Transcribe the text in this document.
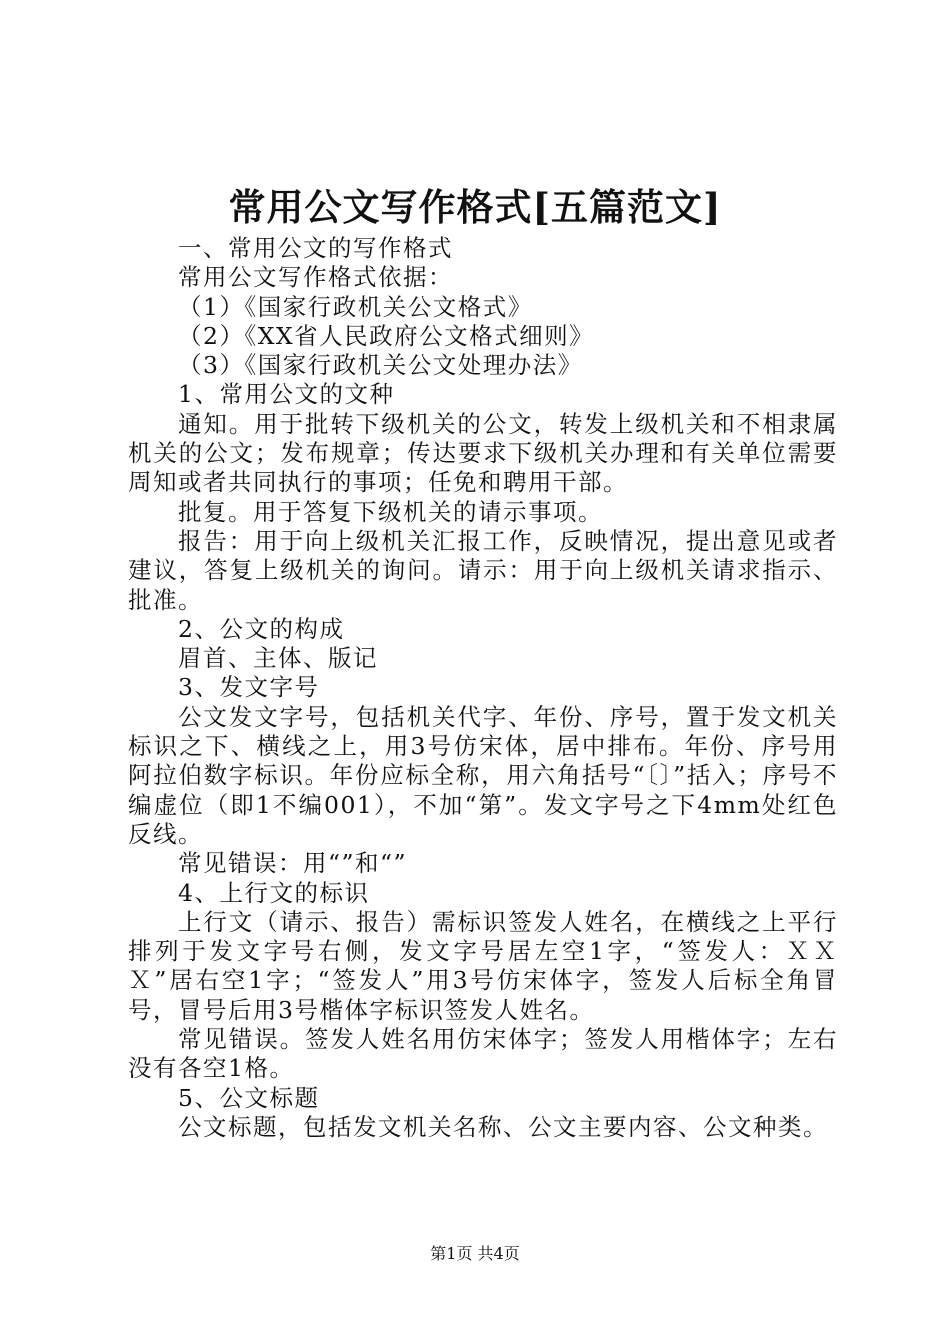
常用公文写作格式[五篇范文]

一、常用公文的写作格式

常用公文写作格式依据：

（1）《国家行政机关公文格式》

（2）《XX省人民政府公文格式细则》

（3）《国家行政机关公文处理办法》

1、常用公文的文种

通知。用于批转下级机关的公文，转发上级机关和不相隶属机关的公文；发布规章；传达要求下级机关办理和有关单位需要周知或者共同执行的事项；任免和聘用干部。

批复。用于答复下级机关的请示事项。

报告：用于向上级机关汇报工作，反映情况，提出意见或者建议，答复上级机关的询问。请示：用于向上级机关请求指示、批准。

2、公文的构成

眉首、主体、版记

3、发文字号

公文发文字号，包括机关代字、年份、序号，置于发文机关标识之下、横线之上，用3号仿宋体，居中排布。年份、序号用阿拉伯数字标识。年份应标全称，用六角括号“〔〕”括入；序号不编虚位（即1不编001），不加“第”。发文字号之下4mm处红色反线。

常见错误：用“”和“”

4、上行文的标识

上行文（请示、报告）需标识签发人姓名，在横线之上平行排列于发文字号右侧，发文字号居左空1字，“签发人：ＸＸＸ”居右空1字；“签发人”用3号仿宋体字，签发人后标全角冒号，冒号后用3号楷体字标识签发人姓名。

常见错误。签发人姓名用仿宋体字；签发人用楷体字；左右没有各空1格。

5、公文标题

公文标题，包括发文机关名称、公文主要内容、公文种类。

第1页 共4页
